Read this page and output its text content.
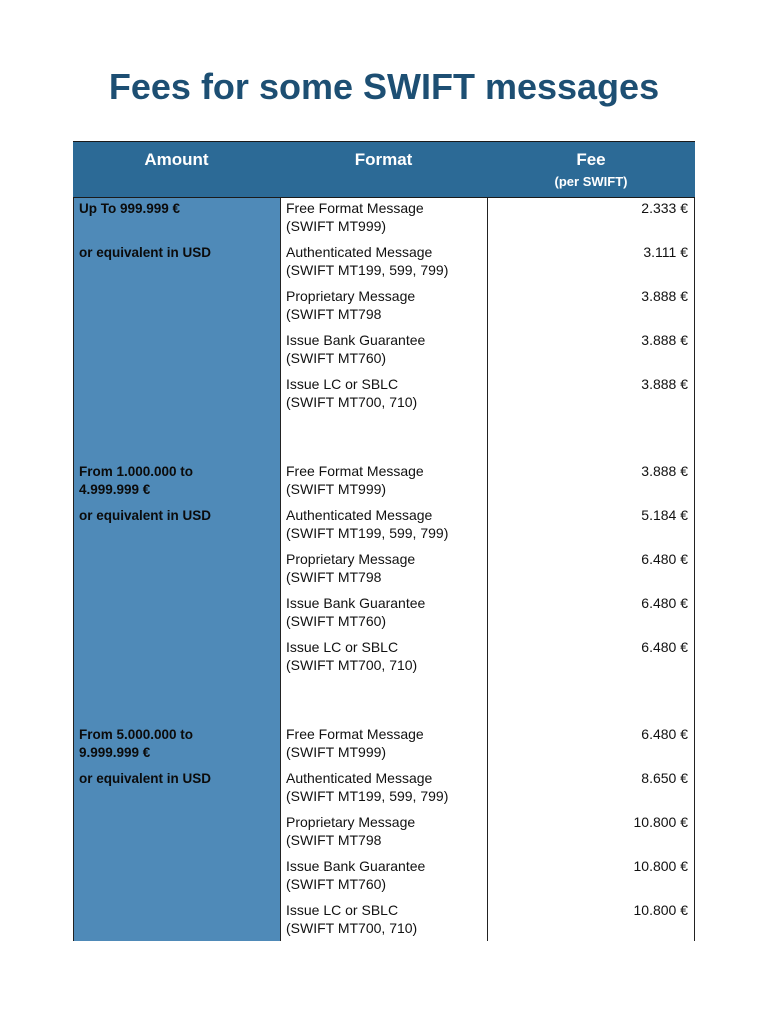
Fees for some SWIFT messages
Amount	Format	Fee
(per SWIFT)
Up To 999.999 €
or equivalent in USD
Free Format Message
(SWIFT MT999)
2.333 €
Authenticated Message
(SWIFT MT199, 599, 799)
3.111 €
Proprietary Message
(SWIFT MT798
3.888 €
Issue Bank Guarantee
(SWIFT MT760)
3.888 €
Issue LC or SBLC
(SWIFT MT700, 710)
3.888 €
From 1.000.000 to
4.999.999 €
or equivalent in USD
Free Format Message
(SWIFT MT999)
3.888 €
Authenticated Message
(SWIFT MT199, 599, 799)
5.184 €
Proprietary Message
(SWIFT MT798
6.480 €
Issue Bank Guarantee
(SWIFT MT760)
6.480 €
Issue LC or SBLC
(SWIFT MT700, 710)
6.480 €
From 5.000.000 to
9.999.999 €
or equivalent in USD
Free Format Message
(SWIFT MT999)
6.480 €
Authenticated Message
(SWIFT MT199, 599, 799)
8.650 €
Proprietary Message
(SWIFT MT798
10.800 €
Issue Bank Guarantee
(SWIFT MT760)
10.800 €
Issue LC or SBLC
(SWIFT MT700, 710)
10.800 €
